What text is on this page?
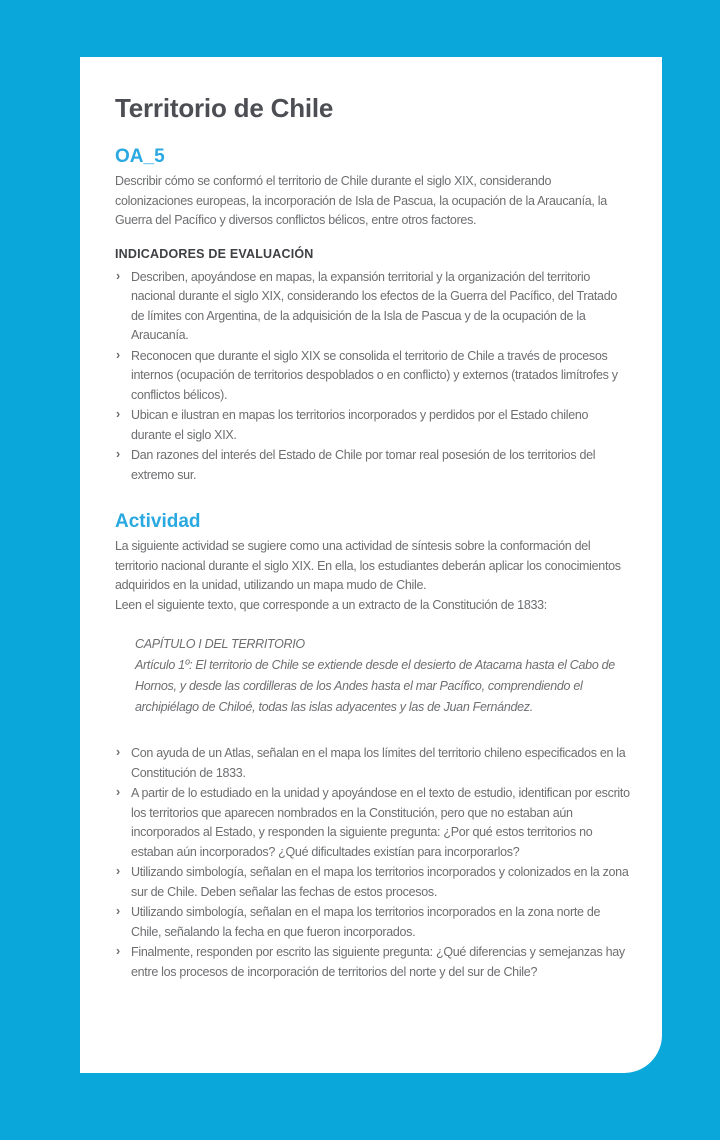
Territorio de Chile
OA_5

Describir cómo se conformó el territorio de Chile durante el siglo XIX, considerando colonizaciones europeas, la incorporación de Isla de Pascua, la ocupación de la Araucanía, la Guerra del Pacífico y diversos conflictos bélicos, entre otros factores.

INDICADORES DE EVALUACIÓN
› Describen, apoyándose en mapas, la expansión territorial y la organización del territorio nacional durante el siglo XIX, considerando los efectos de la Guerra del Pacífico, del Tratado de límites con Argentina, de la adquisición de la Isla de Pascua y de la ocupación de la Araucanía.
› Reconocen que durante el siglo XIX se consolida el territorio de Chile a través de procesos internos (ocupación de territorios despoblados o en conflicto) y externos (tratados limítrofes y conflictos bélicos).
› Ubican e ilustran en mapas los territorios incorporados y perdidos por el Estado chileno durante el siglo XIX.
› Dan razones del interés del Estado de Chile por tomar real posesión de los territorios del extremo sur.
Actividad

La siguiente actividad se sugiere como una actividad de síntesis sobre la conformación del territorio nacional durante el siglo XIX. En ella, los estudiantes deberán aplicar los conocimientos adquiridos en la unidad, utilizando un mapa mudo de Chile.

Leen el siguiente texto, que corresponde a un extracto de la Constitución de 1833:

CAPÍTULO I DEL TERRITORIO

Artículo 1º: El territorio de Chile se extiende desde el desierto de Atacama hasta el Cabo de Hornos, y desde las cordilleras de los Andes hasta el mar Pacífico, comprendiendo el archipiélago de Chiloé, todas las islas adyacentes y las de Juan Fernández.

› Con ayuda de un Atlas, señalan en el mapa los límites del territorio chileno especificados en la Constitución de 1833.
› A partir de lo estudiado en la unidad y apoyándose en el texto de estudio, identifican por escrito los territorios que aparecen nombrados en la Constitución, pero que no estaban aún incorporados al Estado, y responden la siguiente pregunta: ¿Por qué estos territorios no estaban aún incorporados? ¿Qué dificultades existían para incorporarlos?
› Utilizando simbología, señalan en el mapa los territorios incorporados y colonizados en la zona sur de Chile. Deben señalar las fechas de estos procesos.
› Utilizando simbología, señalan en el mapa los territorios incorporados en la zona norte de Chile, señalando la fecha en que fueron incorporados.
› Finalmente, responden por escrito las siguiente pregunta: ¿Qué diferencias y semejanzas hay entre los procesos de incorporación de territorios del norte y del sur de Chile?
